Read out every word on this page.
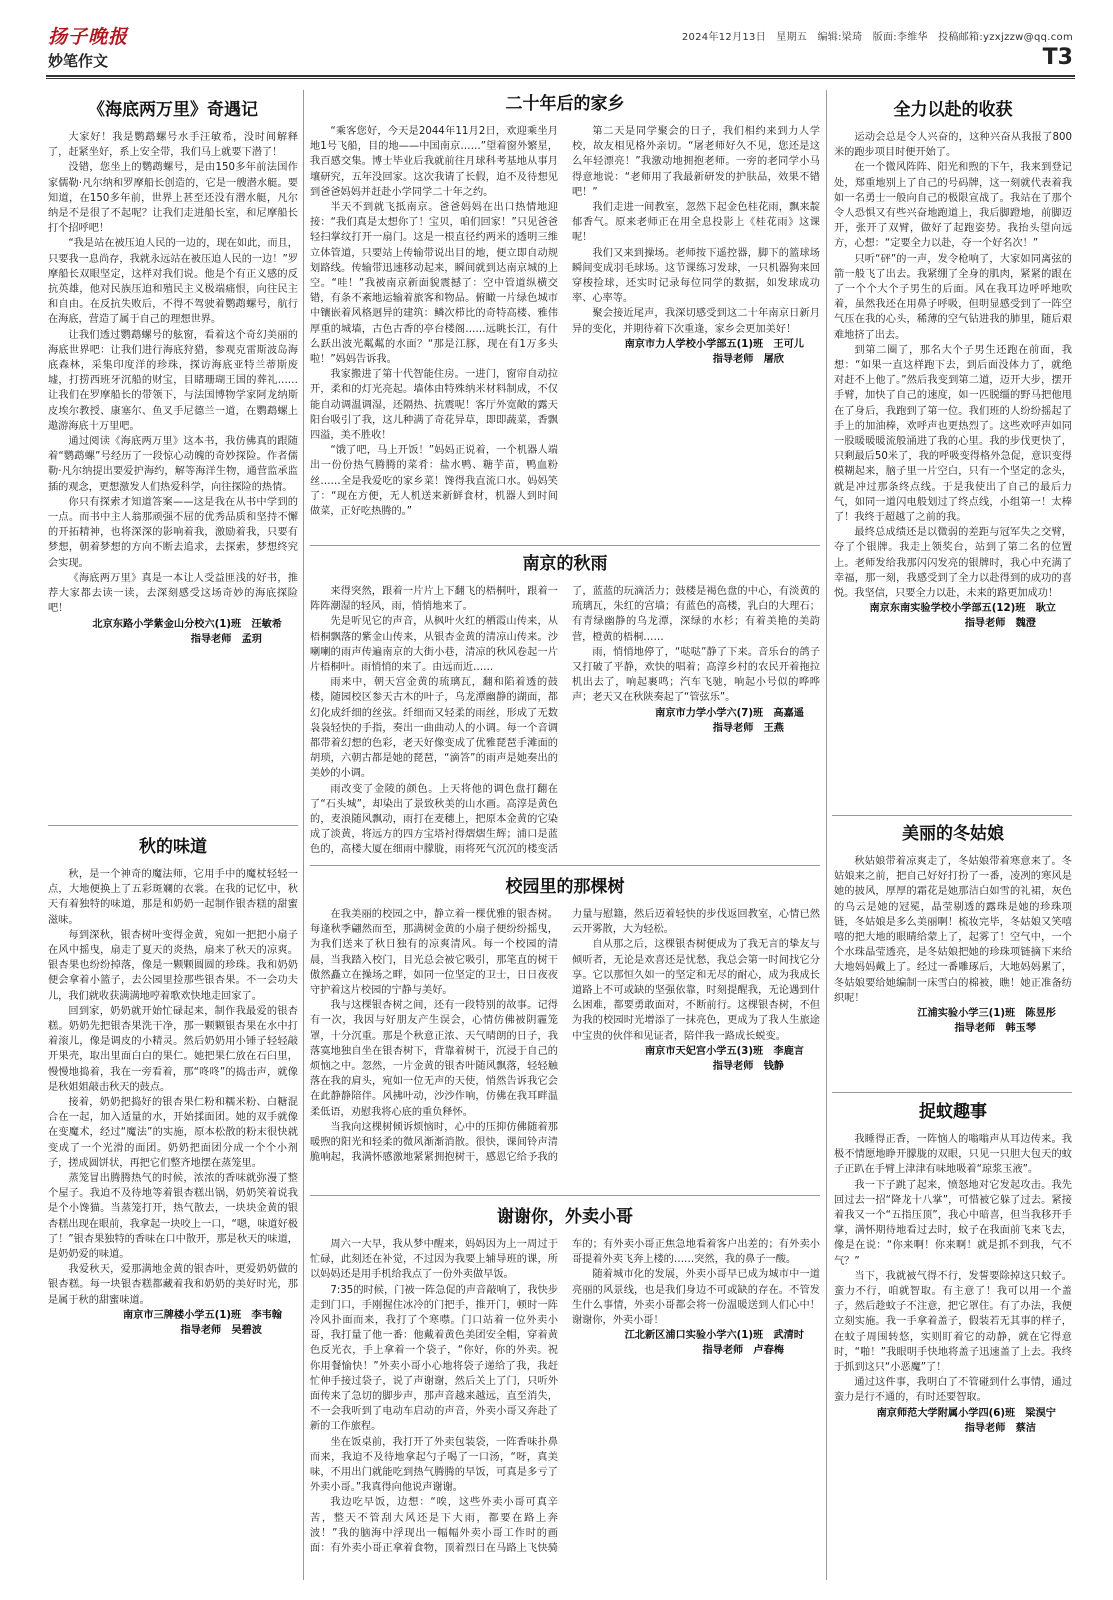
扬子晚报	2024年12月13日　星期五　编辑:梁琦　版面:李维华　投稿邮箱:yzxjzzw@qq.com
妙笔作文	T3
《海底两万里》奇遇记

大家好！我是鹦鹉螺号水手汪敏希，没时间解释了，赶紧坐好，系上安全带，我们马上就要下潜了！

没错，您坐上的鹦鹉螺号，是由150多年前法国作家儒勒·凡尔纳和罗摩船长创造的，它是一艘潜水艇。要知道，在150多年前，世界上甚至还没有潜水艇，凡尔纳是不是很了不起呢？让我们走进船长室，和尼摩船长打个招呼吧！

“我是站在被压迫人民的一边的，现在如此，而且，只要我一息尚存，我就永远站在被压迫人民的一边！”罗摩船长双眼坚定，这样对我们说。他是个有正义感的反抗英雄，他对民族压迫和殖民主义极端痛恨，向往民主和自由。在反抗失败后，不得不驾驶着鹦鹉螺号，航行在海底，营造了属于自己的理想世界。

让我们透过鹦鹉螺号的舷窗，看着这个奇幻美丽的海底世界吧：让我们进行海底狩猎，参观克雷斯波岛海底森林，采集印度洋的珍珠，探访海底亚特兰蒂斯废墟，打捞西班牙沉船的财宝，目睹珊瑚王国的葬礼……让我们在罗摩船长的带领下，与法国博物学家阿龙纳斯皮埃尔教授、康塞尔、鱼叉手尼德兰一道，在鹦鹉螺上遨游海底十万里吧。

通过阅读《海底两万里》这本书，我仿佛真的跟随着“鹦鹉螺”号经历了一段惊心动魄的奇妙探险。作者儒勒·凡尔纳提出要爱护海约，解等海洋生物，通营监承监插的观念，更想激发人们热爱科学，向往探险的热情。

你只有探索才知道答案——这是我在从书中学到的一点。而书中主人翁那顽强不屈的优秀品质和坚持不懈的开拓精神，也将深深的影响着我，激励着我，只要有梦想，朝着梦想的方向不断去追求，去探索，梦想终究会实现。

《海底两万里》真是一本让人受益匪浅的好书，推荐大家都去读一读，去深刻感受这场奇妙的海底探险吧！

北京东路小学紫金山分校六(1)班　汪敏希
指导老师　孟玥
秋的味道

秋，是一个神奇的魔法师，它用手中的魔杖轻轻一点，大地便换上了五彩斑斓的衣裳。在我的记忆中，秋天有着独特的味道，那是和奶奶一起制作银杏糕的甜蜜滋味。

每到深秋，银杏树叶变得金黄，宛如一把把小扇子在风中摇曳，扇走了夏天的炎热，扇来了秋天的凉爽。银杏果也纷纷掉落，像是一颗颗圆圆的珍珠。我和奶奶便会拿着小篮子，去公园里捡那些银杏果。不一会功夫儿，我们就收获满满地哼着歌欢快地走回家了。

回到家，奶奶就开始忙碌起来，制作我最爱的银杏糕。奶奶先把银杏果洗干净，那一颗颗银杏果在水中打着滚儿，像是调皮的小精灵。然后奶奶用小锤子轻轻敲开果壳，取出里面白白的果仁。她把果仁放在石臼里，慢慢地捣着，我在一旁看着，那“咚咚”的捣击声，就像是秋姐姐敲击秋天的鼓点。

接着，奶奶把捣好的银杏果仁粉和糯米粉、白糖混合在一起，加入适量的水，开始揉面团。她的双手就像在变魔术，经过“魔法”的实施，原本松散的粉末很快就变成了一个光滑的面团。奶奶把面团分成一个个小剂子，搓成圆饼状，再把它们整齐地摆在蒸笼里。

蒸笼冒出腾腾热气的时候，浓浓的香味就弥漫了整个屋子。我迫不及待地等着银杏糕出锅，奶奶笑着说我是个小馋猫。当蒸笼打开，热气散去，一块块金黄的银杏糕出现在眼前，我拿起一块咬上一口，“嗯，味道好极了！”银杏果独特的香味在口中散开，那是秋天的味道，是奶奶爱的味道。

我爱秋天，爱那满地金黄的银杏叶，更爱奶奶做的银杏糕。每一块银杏糕都藏着我和奶奶的美好时光，那是属于秋的甜蜜味道。

南京市三牌楼小学五(1)班　李韦翰
指导老师　吴碧波
二十年后的家乡

“乘客您好，今天是2044年11月2日，欢迎乘坐月地1号飞船，目的地——中国南京……”望着窗外繁星，我百感交集。博士毕业后我就前往月球科考基地从事月壤研究，五年没回家。这次我请了长假，迫不及待想见到爸爸妈妈并赶赴小学同学二十年之约。

半天不到就飞抵南京。爸爸妈妈在出口热情地迎接：“我们真是太想你了！宝贝，咱们回家！”只见爸爸轻扫掌纹打开一扇门。这是一根直径约两米的透明三维立体管道，只要站上传输带说出目的地，便立即自动规划路线。传输带迅速移动起来，瞬间就到达南京城的上空。“哇！”我被南京新面貌震撼了：空中管道纵横交错，有条不紊地运输着旅客和物品。俯瞰一片绿色城市中镶嵌着风格迥异的建筑：鳞次栉比的奇特高楼、雅伟厚重的城墙，古色古香的亭台楼阁……远眺长江，有什么跃出波光粼粼的水面？“那是江豚，现在有1万多头啦！”妈妈告诉我。

我家搬进了第十代智能住房。一进门，窗帘自动拉开，柔和的灯光亮起。墙体由特殊纳米材料制成，不仅能自动调温调湿，还隔热、抗震呢！客厅外宽敞的露天阳台吸引了我，这儿种满了奇花异草，即即蔬菜，香飘四溢，美不胜收！

“饿了吧，马上开饭！”妈妈正说着，一个机器人端出一份份热气腾腾的菜肴：盐水鸭、糖芋苗，鸭血粉丝……全是我爱吃的家乡菜！馋得我直流口水。妈妈笑了：“现在方便，无人机送来新鲜食材，机器人到时间做菜，正好吃热腾的。”

第二天是同学聚会的日子，我们相约来到力人学校，故友相见格外亲切。“屠老师好久不见，您还是这么年轻漂亮！”我激动地拥抱老师。一旁的老同学小马得意地说：“老师用了我最新研发的护肤品，效果不错吧！”

我们走进一间教室，忽然下起金色桂花雨，飘来靛郁香气。原来老师正在用全息投影上《桂花雨》这课呢！

我们又来到操场。老师按下遥控器，脚下的篮球场瞬间变成羽毛球场。这节课练习发球，一只机器狗来回穿梭捡球，还实时记录每位同学的数据，如发球成功率、心率等。

聚会接近尾声，我深切感受到这二十年南京日新月异的变化，并期待着下次重逢，家乡会更加美好！

南京市力人学校小学部五(1)班　王可儿
指导老师　屠欣
南京的秋雨

来得突然，跟着一片片上下翻飞的梧桐叶，跟着一阵阵潮湿的轻风，雨，悄悄地来了。

先是听见它的声音，从枫叶火红的栖霞山传来，从梧桐飘落的紫金山传来，从银杏金黄的清凉山传来。沙喇喇的雨声传遍南京的大街小巷，清凉的秋风卷起一片片梧桐叶。雨悄悄的来了。由远而近……

雨来中，朝天宫金黄的琉璃瓦，翻和陷着透的鼓楼，随园校区参天古木的叶子，乌龙潭幽静的湖面，都幻化成纤细的丝弦。纤细而又轻柔的雨丝，形成了无数袅袅轻快的手指，奏出一曲曲动人的小调。每一个音调都带着幻想的色彩，老天好像变成了优雅琵琶手滩面的胡琐，六朝古都是她的琵琶，“滴答”的雨声是她奏出的美妙的小调。

雨改变了金陵的颜色。上天将他的调色盘打翻在了“石头城”，却染出了景致秋美的山水画。高淳是黄色的，麦浪随风飘动，雨打在麦穗上，把原本金黄的它染成了淡黄，将远方的四方宝塔衬得熠熠生辉；浦口是蓝色的，高楼大厦在细雨中朦胧，雨将死气沉沉的楼变活了，蓝蓝的玩滴活力；鼓楼是褐色盘的中心，有淡黄的琉璃瓦，朱红的宫墙；有蓝色的高楼，乳白的大理石；有青绿幽静的乌龙潭，深绿的水杉；有着美艳的美韵营，橙黄的梧桐……

雨，悄悄地停了，“哒哒”静了下来。音乐台的鸽子又打破了平静，欢快的唱着；高淳乡村的农民开着拖拉机出去了，响起裹鸣；汽车飞驰，响起小号似的哗哗声；老天又在秋陕奏起了“管弦乐”。

南京市力学小学六(7)班　高嘉遥
指导老师　王燕
校园里的那棵树

在我美丽的校园之中，静立着一棵优雅的银杏树。每逢秋季翩然而至，那满树金黄的小扇子便纷纷摇曳，为我们送来了秋日独有的凉爽清风。每一个校园的清晨，当我踏入校门，目光总会被它吸引，那笔直的树干傲然矗立在操场之畔，如同一位坚定的卫士，日日夜夜守护着这片校园的宁静与美好。

我与这棵银杏树之间，还有一段特别的故事。记得有一次，我因与好朋友产生误会，心情仿佛被阴霾笼罩，十分沉重。那是个秋意正浓、天气晴朗的日子，我落寞地独自坐在银杏树下，背靠着树干，沉浸于自己的烦恼之中。忽然，一片金黄的银杏叶随风飘落，轻轻触落在我的肩头，宛如一位无声的天使，悄然告诉我它会在此静静陪伴。风拂叶动，沙沙作响，仿佛在我耳畔温柔低语，劝慰我将心底的重负释怀。

当我向这棵树倾诉烦恼时，心中的压抑仿佛随着那暖煦的阳光和轻柔的微风渐渐消散。很快，课间铃声清脆响起，我满怀感激地紧紧拥抱树干，感恩它给予我的力量与慰籍，然后迈着轻快的步伐返回教室，心情已然云开雾散，大为轻松。

自从那之后，这棵银杏树便成为了我无言的挚友与倾听者，无论是欢喜还是忧愁，我总会第一时间找它分享。它以那恒久如一的坚定和无尽的耐心，成为我成长道路上不可或缺的坚强依靠，时刻提醒我，无论遇到什么困难，都要勇敢面对，不断前行。这棵银杏树，不但为我的校园时光增添了一抹亮色，更成为了我人生旅途中宝贵的伙伴和见证者，陪伴我一路成长蜕变。

南京市天妃宫小学五(3)班　李鹿言
指导老师　钱静
谢谢你，外卖小哥

周六一大早，我从梦中醒来，妈妈因为上一周过于忙碌，此刻还在补觉，不过因为我要上辅导班的课，所以妈妈还是用手机给我点了一份外卖做早饭。

7:35的时候，门被一阵急促的声音敲响了，我快步走到门口，手刚握住冰冷的门把手，推开门，顿时一阵冷风扑面而来，我打了个寒噤。门口站着一位外卖小哥，我打量了他一番：他戴着黄色美团安全帽，穿着黄色反光衣，手上拿着一个袋子，“你好，你的外卖。祝你用餐愉快！”外卖小哥小心地将袋子递给了我，我赶忙伸手接过袋子，说了声谢谢，然后关上了门，只听外面传来了急切的脚步声，那声音越来越远，直至消失，不一会我听到了电动车启动的声音，外卖小哥又奔赴了新的工作旅程。

坐在饭桌前，我打开了外卖包装袋，一阵香味扑鼻而来，我迫不及待地拿起勺子喝了一口汤，“呀，真美味，不用出门就能吃到热气腾腾的早饭，可真是多亏了外卖小哥。”我真得向他说声谢谢。

我边吃早饭，边想：“唉，这些外卖小哥可真辛苦，整天不管刮大风还是下大雨，都要在路上奔波！”我的脑海中浮现出一幅幅外卖小哥工作时的画面：有外卖小哥正拿着食物，顶着烈日在马路上飞快骑车的；有外卖小哥正焦急地看着客户出差的；有外卖小哥提着外卖飞奔上楼的……突然，我的鼻子一酸。

随着城市化的发展，外卖小哥早已成为城市中一道亮丽的风景线，也是我们身边不可或缺的存在。不管发生什么事情，外卖小哥都会将一份温暖送到人们心中！谢谢你，外卖小哥！

江北新区浦口实验小学六(1)班　武清时
指导老师　卢春梅
全力以赴的收获

运动会总是令人兴奋的，这种兴奋从我报了800米的跑步项目时便开始了。

在一个微风阵阵、阳光和煦的下午，我来到登记处，郑重地别上了自己的号码牌，这一刻就代表着我如一名勇士一般向自己的极限宣战了。我站在了那个令人恐惧又有些兴奋地跑道上，我后脚蹬地，前脚迈开，张开了双臂，做好了起跑姿势。我抬头望向远方，心想：“定要全力以赴，夺一个好名次！”

只听“砰”的一声，发令枪响了，大家如同离弦的箭一般飞了出去。我紧绷了全身的肌肉，紧紧的跟在了一个个大个子男生的后面。风在我耳边呼呼地吹着，虽然我还在用鼻子呼吸，但明显感受到了一阵空气压在我的心头，稀薄的空气钻进我的肺里，随后艰难地挤了出去。

到第二圈了，那名大个子男生还跑在前面，我想：“如果一直这样跑下去，到后面没体力了，就绝对赶不上他了。”然后我变到第二道，迈开大步，摆开手臂，加快了自己的速度，如一匹脱缰的野马把他甩在了身后，我跑到了第一位。我们班的人纷纷摇起了手上的加油棒，欢呼声也更热烈了。这些欢呼声如同一股暖暖暖流般涌进了我的心里。我的步伐更快了，只剩最后50米了，我的呼吸变得格外急促，意识变得模糊起来，脑子里一片空白，只有一个坚定的念头，就是冲过那条终点线。于是我使出了自己的最后力气，如同一道闪电般划过了终点线，小组第一！太棒了！我终于超越了之前的我。

最终总成绩还是以微弱的差距与冠军失之交臂，夺了个银牌。我走上领奖台，站到了第二名的位置上。老师发给我那闪闪发亮的银牌时，我心中充满了幸福，那一刻，我感受到了全力以赴得到的成功的喜悦。我坚信，只要全力以赴，未来的路更加成功！

南京东南实验学校小学部五(12)班　耿立
指导老师　魏澄
美丽的冬姑娘

秋姑娘带着凉爽走了，冬姑娘带着寒意来了。冬姑娘来之前，把自己好好打扮了一番，凌冽的寒风是她的披风，厚厚的霜花是她那洁白如雪的礼裙，灰色的乌云是她的冠冕，晶莹剔透的露珠是她的珍珠项链，冬姑娘是多么美丽啊！梳妆完毕，冬姑娘又笑嘻嘻的把大地的眼睛给蒙上了，起雾了！空气中，一个个水珠晶莹透亮，是冬姑娘把她的珍珠项链摘下来给大地妈妈戴上了。经过一番雕琢后，大地妈妈累了，冬姑娘要给她编制一床雪白的棉被，瞧！她正准备纺织呢！

江浦实验小学三(1)班　陈昱彤
指导老师　韩玉琴
捉蚊趣事

我睡得正香，一阵恼人的嗡嗡声从耳边传来。我极不情愿地睁开朦胧的双眼，只见一只胆大包天的蚊子正趴在手臂上津津有味地吸着“琼浆玉液”。

我一下子跳了起来，愤怒地对它发起攻击。我先回过去一招“降龙十八掌”，可惜被它躲了过去。紧接着我又一个“五指压顶”，我心中暗喜，但当我移开手掌，满怀期待地看过去时，蚊子在我面前飞来飞去，像是在说：“你来啊！你来啊！就是抓不到我，气不气？”

当下，我就被气得不行，发誓要除掉这只蚊子。蛮力不行，咱就智取。有主意了！我可以用一个盖子，然后趁蚊子不注意，把它罩住。有了办法，我便立刻实施。我一手拿着盖子，假装若无其事的样子，在蚊子周围转悠，实则盯着它的动静，就在它得意时，“啪！”我眼明手快地将盖子迅速盖了上去。我终于抓到这只“小恶魔”了！

通过这件事，我明白了不管碰到什么事情，通过蛮力是行不通的，有时还要智取。

南京师范大学附属小学四(6)班　梁淏宁
指导老师　蔡洁
